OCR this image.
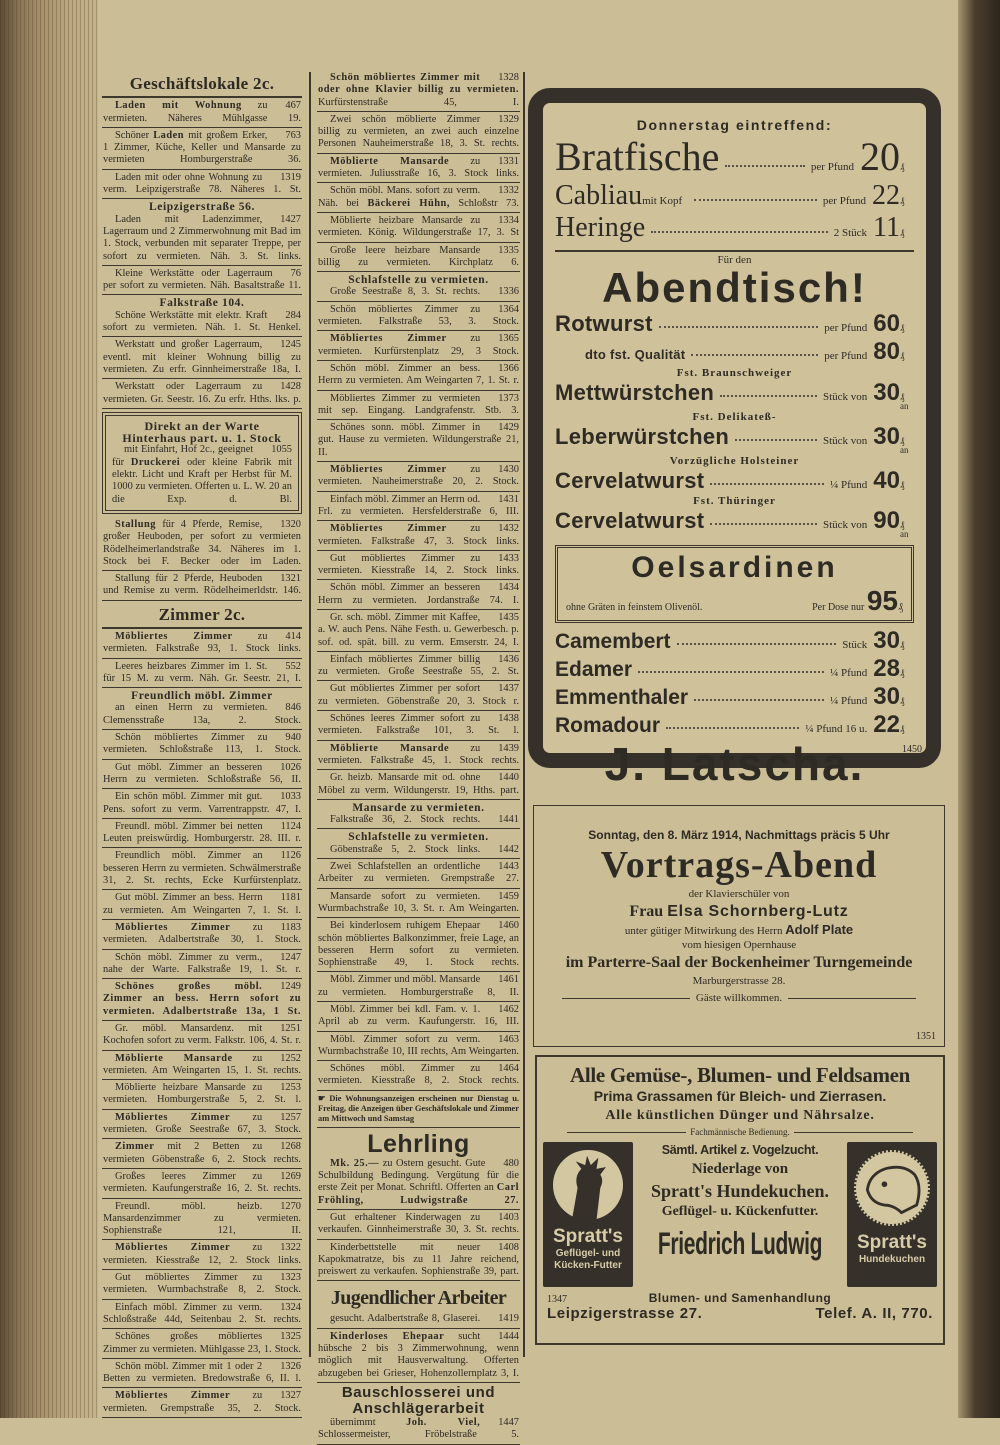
Geschäftslokale 2c.

467
Laden mit Wohnung zu vermieten. Näheres Mühlgasse 19.

763
Schöner Laden mit großem Erker, 1 Zimmer, Küche, Keller und Mansarde zu vermieten Homburgerstraße 36.

1319
Laden mit oder ohne Wohnung zu verm. Leipzigerstraße 78. Näheres 1. St.

Leipzigerstraße 56.

1427
Laden mit Ladenzimmer, Lagerraum und 2 Zimmerwohnung mit Bad im 1. Stock, verbunden mit separater Treppe, per sofort zu vermieten. Näh. 3. St. links.

76
Kleine Werkstätte oder Lagerraum per sofort zu vermieten. Näh. Basaltstraße 11.

Falkstraße 104.

284
Schöne Werkstätte mit elektr. Kraft sofort zu vermieten. Näh. 1. St. Henkel.

1245
Werkstatt und großer Lagerraum, eventl. mit kleiner Wohnung billig zu vermieten. Zu erfr. Ginnheimerstraße 18a, I.

1428
Werkstatt oder Lagerraum zu vermieten. Gr. Seestr. 16. Zu erfr. Hths. lks. p.

Direkt an der Warte
Hinterhaus part. u. 1. Stock

1055
mit Einfahrt, Hof 2c., geeignet für Druckerei oder kleine Fabrik mit elektr. Licht und Kraft per Herbst für M. 1000 zu vermieten. Offerten u. L. W. 20 an die Exp. d. Bl.

1320
Stallung für 4 Pferde, Remise, großer Heuboden, per sofort zu vermieten Rödelheimerlandstraße 34. Näheres im 1. Stock bei F. Becker oder im Laden.

1321
Stallung für 2 Pferde, Heuboden und Remise zu verm. Rödelheimerldstr. 146.

Zimmer 2c.

414
Möbliertes Zimmer zu vermieten. Falkstraße 93, 1. Stock links.

552
Leeres heizbares Zimmer im 1. St. für 15 M. zu verm. Näh. Gr. Seestr. 21, I.

Freundlich möbl. Zimmer

846
an einen Herrn zu vermieten. Clemensstraße 13a, 2. Stock.

940
Schön möbliertes Zimmer zu vermieten. Schloßstraße 113, 1. Stock.

1026
Gut möbl. Zimmer an besseren Herrn zu vermieten. Schloßstraße 56, II.

1033
Ein schön möbl. Zimmer mit gut. Pens. sofort zu verm. Varrentrappstr. 47, I.

1124
Freundl. möbl. Zimmer bei netten Leuten preiswürdig. Homburgerstr. 28. III. r.

1126
Freundlich möbl. Zimmer an besseren Herrn zu vermieten. Schwälmerstraße 31, 2. St. rechts, Ecke Kurfürstenplatz.

1181
Gut möbl. Zimmer an bess. Herrn zu vermieten. Am Weingarten 7, 1. St. l.

1183
Möbliertes Zimmer zu vermieten. Adalbertstraße 30, 1. Stock.

1247
Schön möbl. Zimmer zu verm., nahe der Warte. Falkstraße 19, 1. St. r.

1249
Schönes großes möbl. Zimmer an bess. Herrn sofort zu vermieten. Adalbertstraße 13a, 1 St.

1251
Gr. möbl. Mansardenz. mit Kochofen sofort zu verm. Falkstr. 106, 4. St. r.

1252
Möblierte Mansarde zu vermieten. Am Weingarten 15, 1. St. rechts.

1253
Möblierte heizbare Mansarde zu vermieten. Homburgerstraße 5, 2. St. l.

1257
Möbliertes Zimmer zu vermieten. Große Seestraße 67, 3. Stock.

1268
Zimmer mit 2 Betten zu vermieten Göbenstraße 6, 2. Stock rechts.

1269
Großes leeres Zimmer zu vermieten. Kaufungerstraße 16, 2. St. rechts.

1270
Freundl. möbl. heizb. Mansardenzimmer zu vermieten. Sophienstraße 121, II.

1322
Möbliertes Zimmer zu vermieten. Kiesstraße 12, 2. Stock links.

1323
Gut möbliertes Zimmer zu vermieten. Wurmbachstraße 8, 2. Stock.

1324
Einfach möbl. Zimmer zu verm. Schloßstraße 44d, Seitenbau 2. St. rechts.

1325
Schönes großes möbliertes Zimmer zu vermieten. Mühlgasse 23, 1. Stock.

1326
Schön möbl. Zimmer mit 1 oder 2 Betten zu vermieten. Bredowstraße 6, II. l.

1327
Möbliertes Zimmer zu vermieten. Grempstraße 35, 2. Stock.

1328
Schön möbliertes Zimmer mit oder ohne Klavier billig zu vermieten. Kurfürstenstraße 45, I.

1329
Zwei schön möblierte Zimmer billig zu vermieten, an zwei auch einzelne Personen Nauheimerstraße 18, 3. St. rechts.

1331
Möblierte Mansarde zu vermieten. Juliusstraße 16, 3. Stock links.

1332
Schön möbl. Mans. sofort zu verm. Näh. bei Bäckerei Hühn, Schloßstr 73.

1334
Möblierte heizbare Mansarde zu vermieten. König. Wildungerstraße 17, 3. St

1335
Große leere heizbare Mansarde billig zu vermieten. Kirchplatz 6.

Schlafstelle zu vermieten.

1336
Große Seestraße 8, 3. St. rechts.

1364
Schön möbliertes Zimmer zu vermieten. Falkstraße 53, 3. Stock.

1365
Möbliertes Zimmer zu vermieten. Kurfürstenplatz 29, 3 Stock.

1366
Schön möbl. Zimmer an bess. Herrn zu vermieten. Am Weingarten 7, 1. St. r.

1373
Möbliertes Zimmer zu vermieten mit sep. Eingang. Landgrafenstr. Stb. 3.

1429
Schönes sonn. möbl. Zimmer in gut. Hause zu vermieten. Wildungerstraße 21, II.

1430
Möbliertes Zimmer zu vermieten. Nauheimerstraße 20, 2. Stock.

1431
Einfach möbl. Zimmer an Herrn od. Frl. zu vermieten. Hersfelderstraße 6, III.

1432
Möbliertes Zimmer zu vermieten. Falkstraße 47, 3. Stock links.

1433
Gut möbliertes Zimmer zu vermieten. Kiesstraße 14, 2. Stock links.

1434
Schön möbl. Zimmer an besseren Herrn zu vermieten. Jordanstraße 74. I.

1435
Gr. sch. möbl. Zimmer mit Kaffee, a. W. auch Pens. Nähe Festh. u. Gewerbesch. p. sof. od. spät. bill. zu verm. Emserstr. 24, I.

1436
Einfach möbliertes Zimmer billig zu vermieten. Große Seestraße 55, 2. St.

1437
Gut möbliertes Zimmer per sofort zu vermieten. Göbenstraße 20, 3. Stock r.

1438
Schönes leeres Zimmer sofort zu vermieten. Falkstraße 101, 3. St. l.

1439
Möblierte Mansarde zu vermieten. Falkstraße 45, 1. Stock rechts.

1440
Gr. heizb. Mansarde mit od. ohne Möbel zu verm. Wildungerstr. 19, Hths. part.

Mansarde zu vermieten.

1441
Falkstraße 36, 2. Stock rechts.

Schlafstelle zu vermieten.

1442
Göbenstraße 5, 2. Stock links.

1443
Zwei Schlafstellen an ordentliche Arbeiter zu vermieten. Grempstraße 27.

1459
Mansarde sofort zu vermieten. Wurmbachstraße 10, 3. St. r. Am Weingarten.

1460
Bei kinderlosem ruhigem Ehepaar schön möbliertes Balkonzimmer, freie Lage, an besseren Herrn sofort zu vermieten. Sophienstraße 49, 1. Stock rechts.

1461
Möbl. Zimmer und möbl. Mansarde zu vermieten. Homburgerstraße 8, II.

1462
Möbl. Zimmer bei kdl. Fam. v. 1. April ab zu verm. Kaufungerstr. 16, III.

1463
Möbl. Zimmer sofort zu verm. Wurmbachstraße 10, III rechts, Am Weingarten.

1464
Schönes möbl. Zimmer zu vermieten. Kiesstraße 8, 2. Stock rechts.

☛ Die Wohnungsanzeigen erscheinen nur Dienstag u. Freitag, die Anzeigen über Geschäftslokale und Zimmer am Mittwoch und Samstag
Lehrling

480
Mk. 25.— zu Ostern gesucht. Gute Schulbildung Bedingung. Vergütung für die erste Zeit per Monat. Schriftl. Offerten an Carl Fröhling, Ludwigstraße 27.

1403
Gut erhaltener Kinderwagen zu verkaufen. Ginnheimerstraße 30, 3. St. rechts.

1408
Kinderbettstelle mit neuer Kapokmatratze, bis zu 11 Jahre reichend, preiswert zu verkaufen. Sophienstraße 39, part.

Jugendlicher Arbeiter

1419
gesucht. Adalbertstraße 8, Glaserei.

1444
Kinderloses Ehepaar sucht hübsche 2 bis 3 Zimmerwohnung, wenn möglich mit Hausverwaltung. Offerten abzugeben bei Grieser, Hohenzollernplatz 3, I.

Bauschlosserei und Anschlägerarbeit

1447
übernimmt	Joh. Viel, Schlossermeister, Fröbelstraße 5.

Donnerstag eintreffend:
Bratfische	per Pfund 20 ₰
Cabliau mit Kopf	per Pfund 22 ₰
Heringe	2 Stück 11 ₰
Für den
Abendtisch!
Rotwurst	per Pfund 60 ₰
dto fst. Qualität	per Pfund 80 ₰
Fst. Braunschweiger
Mettwürstchen	Stück von 30 ₰ an
Fst. Delikateß-
Leberwürstchen	Stück von 30 ₰ an
Vorzügliche Holsteiner
Cervelatwurst	¼ Pfund 40 ₰
Fst. Thüringer
Cervelatwurst	Stück von 90 ₰ an
Oelsardinen
ohne Gräten in feinstem Olivenöl.	Per Dose nur 95₰
Camembert	Stück 30 ₰
Edamer	¼ Pfund 28 ₰
Emmenthaler	¼ Pfund 30 ₰
Romadour	¼ Pfund 16 u. 22 ₰
J. Latscha.	1450
Sonntag, den 8. März 1914, Nachmittags präcis 5 Uhr
Vortrags-Abend
der Klavierschüler von
Frau Elsa Schornberg-Lutz
unter gütiger Mitwirkung des Herrn Adolf Plate
vom hiesigen Opernhause
im Parterre-Saal der Bockenheimer Turngemeinde
Marburgerstrasse 28.
Gäste willkommen.
1351
Alle Gemüse-, Blumen- und Feldsamen
Prima Grassamen für Bleich- und Zierrasen.
Alle künstlichen Dünger und Nährsalze.
Fachmännische Bedienung.
Spratt's
Geflügel- und
Kücken-Futter
Sämtl. Artikel z. Vogelzucht.
Niederlage von
Spratt's Hundekuchen.
Geflügel- u. Kückenfutter.
Friedrich Ludwig	Spratt's
Hundekuchen
1347	Blumen- und Samenhandlung
Leipzigerstrasse 27.	Telef. A. II, 770.
